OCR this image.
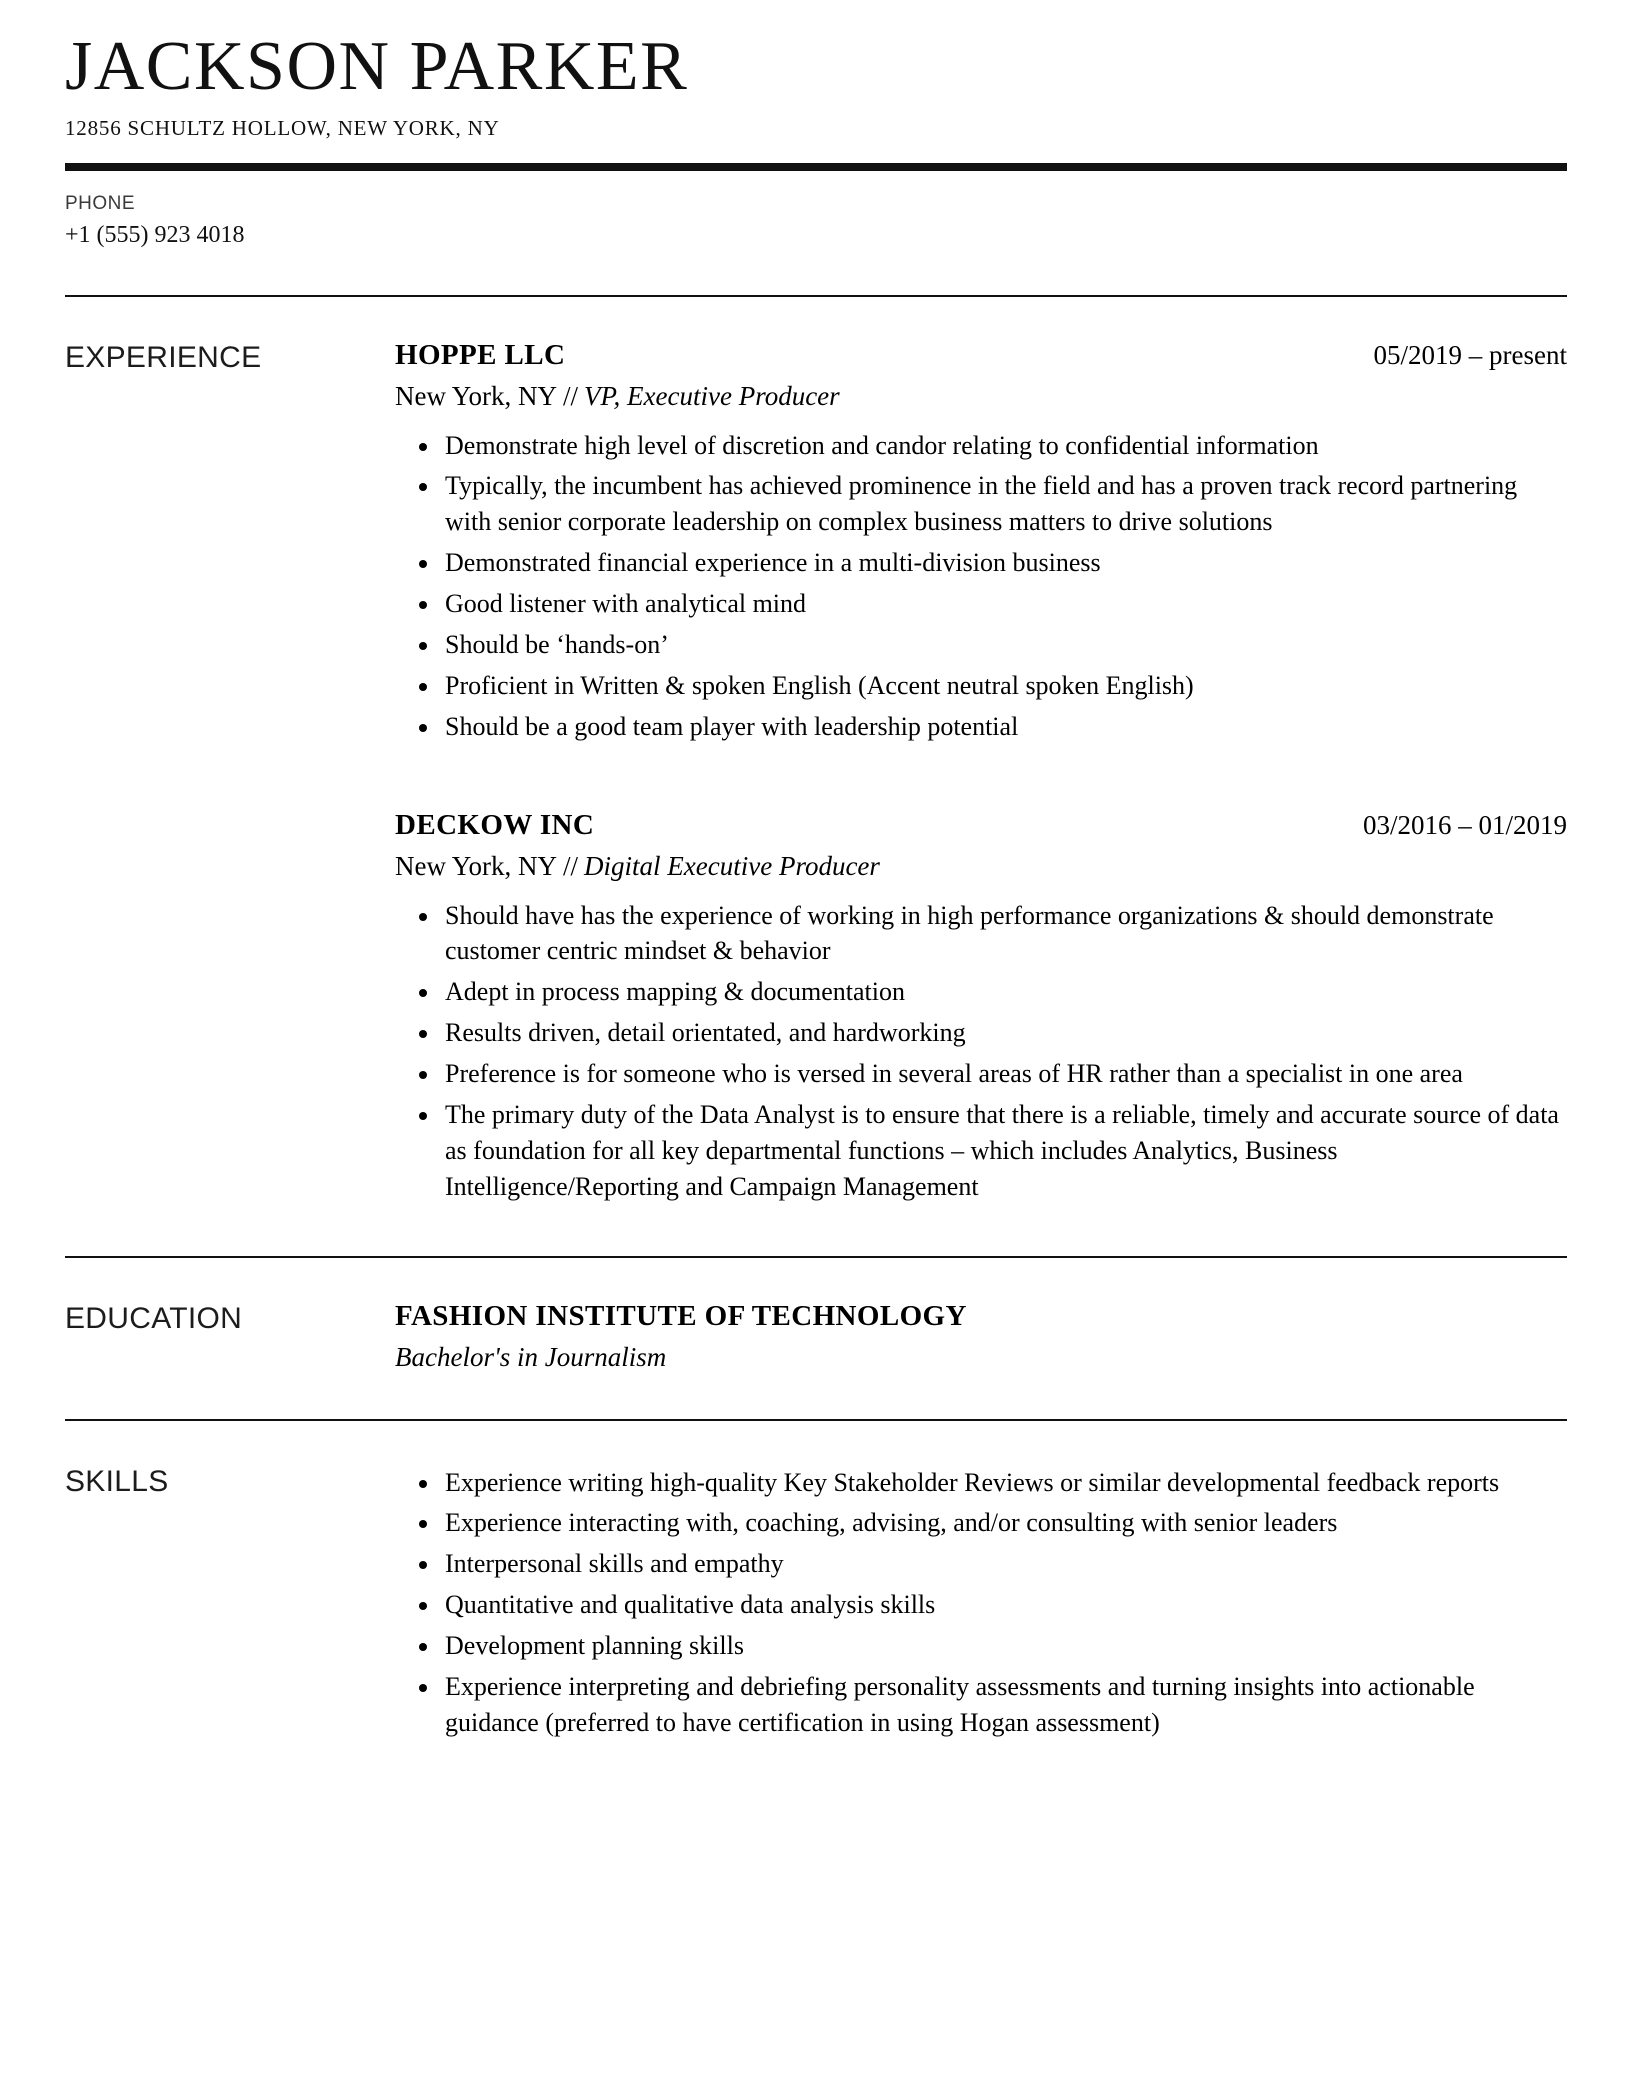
JACKSON PARKER
12856 SCHULTZ HOLLOW, NEW YORK, NY
PHONE
+1 (555) 923 4018
EXPERIENCE	HOPPE LLC	05/2019 – present
New York, NY // VP, Executive Producer
• Demonstrate high level of discretion and candor relating to confidential information
• Typically, the incumbent has achieved prominence in the field and has a proven track record partnering with senior corporate leadership on complex business matters to drive solutions
• Demonstrated financial experience in a multi-division business
• Good listener with analytical mind
• Should be ‘hands-on’
• Proficient in Written & spoken English (Accent neutral spoken English)
• Should be a good team player with leadership potential
DECKOW INC	03/2016 – 01/2019
New York, NY // Digital Executive Producer
• Should have has the experience of working in high performance organizations & should demonstrate customer centric mindset & behavior
• Adept in process mapping & documentation
• Results driven, detail orientated, and hardworking
• Preference is for someone who is versed in several areas of HR rather than a specialist in one area
• The primary duty of the Data Analyst is to ensure that there is a reliable, timely and accurate source of data as foundation for all key departmental functions – which includes Analytics, Business Intelligence/Reporting and Campaign Management
EDUCATION	FASHION INSTITUTE OF TECHNOLOGY
Bachelor's in Journalism
SKILLS	• Experience writing high-quality Key Stakeholder Reviews or similar developmental feedback reports
• Experience interacting with, coaching, advising, and/or consulting with senior leaders
• Interpersonal skills and empathy
• Quantitative and qualitative data analysis skills
• Development planning skills
• Experience interpreting and debriefing personality assessments and turning insights into actionable guidance (preferred to have certification in using Hogan assessment)
